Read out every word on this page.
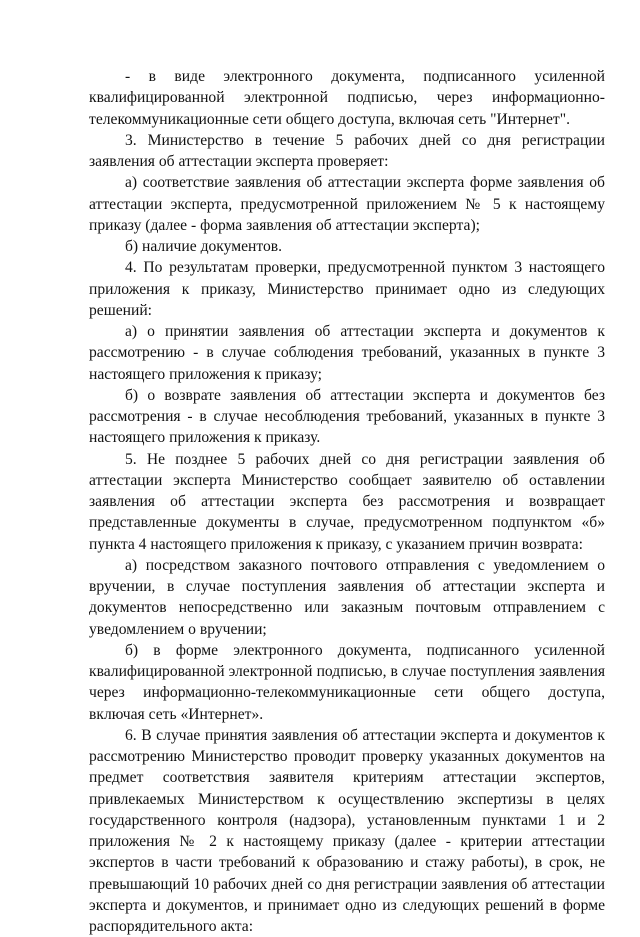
- в виде электронного документа, подписанного усиленной квалифицированной электронной подписью, через информационно-телекоммуникационные сети общего доступа, включая сеть "Интернет".

3. Министерство в течение 5 рабочих дней со дня регистрации заявления об аттестации эксперта проверяет:

а) соответствие заявления об аттестации эксперта форме заявления об аттестации эксперта, предусмотренной приложением № 5 к настоящему приказу (далее - форма заявления об аттестации эксперта);

б) наличие документов.

4. По результатам проверки, предусмотренной пунктом 3 настоящего приложения к приказу, Министерство принимает одно из следующих решений:

а) о принятии заявления об аттестации эксперта и документов к рассмотрению - в случае соблюдения требований, указанных в пункте 3 настоящего приложения к приказу;

б) о возврате заявления об аттестации эксперта и документов без рассмотрения - в случае несоблюдения требований, указанных в пункте 3 настоящего приложения к приказу.

5. Не позднее 5 рабочих дней со дня регистрации заявления об аттестации эксперта Министерство сообщает заявителю об оставлении заявления об аттестации эксперта без рассмотрения и возвращает представленные документы в случае, предусмотренном подпунктом «б» пункта 4 настоящего приложения к приказу, с указанием причин возврата:

а) посредством заказного почтового отправления с уведомлением о вручении, в случае поступления заявления об аттестации эксперта и документов непосредственно или заказным почтовым отправлением с уведомлением о вручении;

б) в форме электронного документа, подписанного усиленной квалифицированной электронной подписью, в случае поступления заявления через информационно-телекоммуникационные сети общего доступа, включая сеть «Интернет».

6. В случае принятия заявления об аттестации эксперта и документов к рассмотрению Министерство проводит проверку указанных документов на предмет соответствия заявителя критериям аттестации экспертов, привлекаемых Министерством к осуществлению экспертизы в целях государственного контроля (надзора), установленным пунктами 1 и 2 приложения № 2 к настоящему приказу (далее - критерии аттестации экспертов в части требований к образованию и стажу работы), в срок, не превышающий 10 рабочих дней со дня регистрации заявления об аттестации эксперта и документов, и принимает одно из следующих решений в форме распорядительного акта:
